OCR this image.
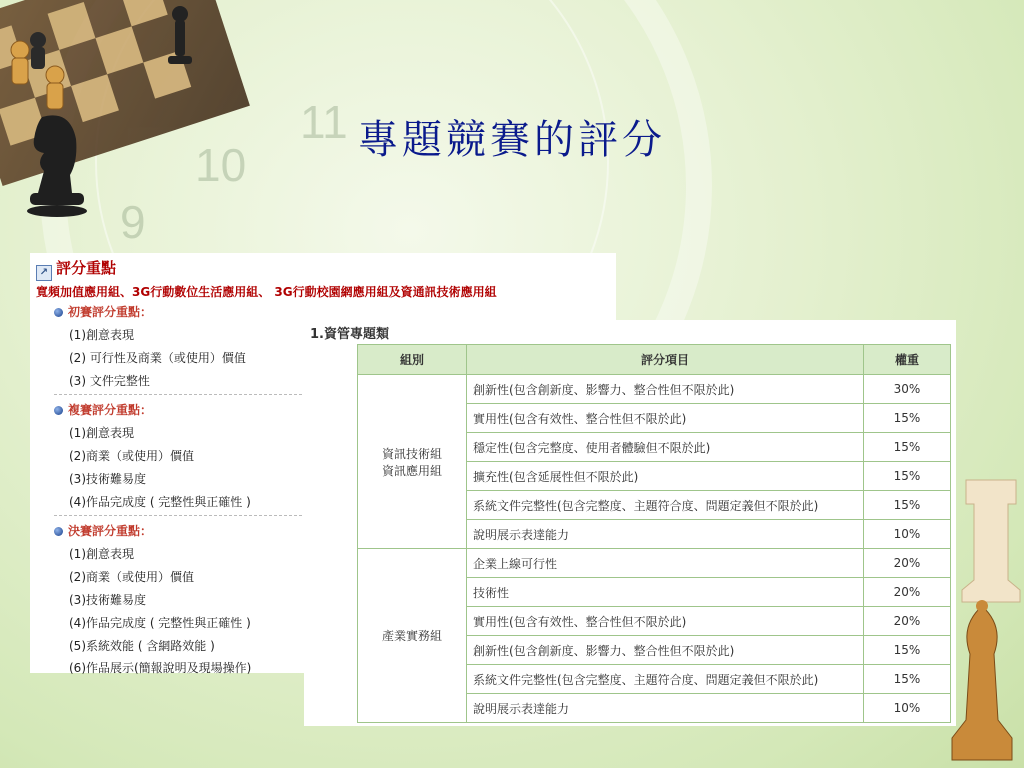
11
10
9
專題競賽的評分
↗ 評分重點
寬頻加值應用組、3G行動數位生活應用組、 3G行動校園網應用組及資通訊技術應用組
初賽評分重點：
(1)創意表現
(2) 可行性及商業（或使用）價值
(3) 文件完整性
複賽評分重點：
(1)創意表現
(2)商業（或使用）價值
(3)技術難易度
(4)作品完成度 ( 完整性與正確性 )
決賽評分重點：
(1)創意表現
(2)商業（或使用）價值
(3)技術難易度
(4)作品完成度 ( 完整性與正確性 )
(5)系統效能 ( 含網路效能 )
(6)作品展示(簡報說明及現場操作)
1.資管專題類
組別	評分項目	權重

資訊技術組
資訊應用組	創新性(包含創新度、影響力、整合性但不限於此)	30%
	實用性(包含有效性、整合性但不限於此)	15%
	穩定性(包含完整度、使用者體驗但不限於此)	15%
	擴充性(包含延展性但不限於此)	15%
	系統文件完整性(包含完整度、主題符合度、問題定義但不限於此)	15%
	說明展示表達能力	10%

產業實務組	企業上線可行性	20%
	技術性	20%
	實用性(包含有效性、整合性但不限於此)	20%
	創新性(包含創新度、影響力、整合性但不限於此)	15%
	系統文件完整性(包含完整度、主題符合度、問題定義但不限於此)	15%
	說明展示表達能力	10%
